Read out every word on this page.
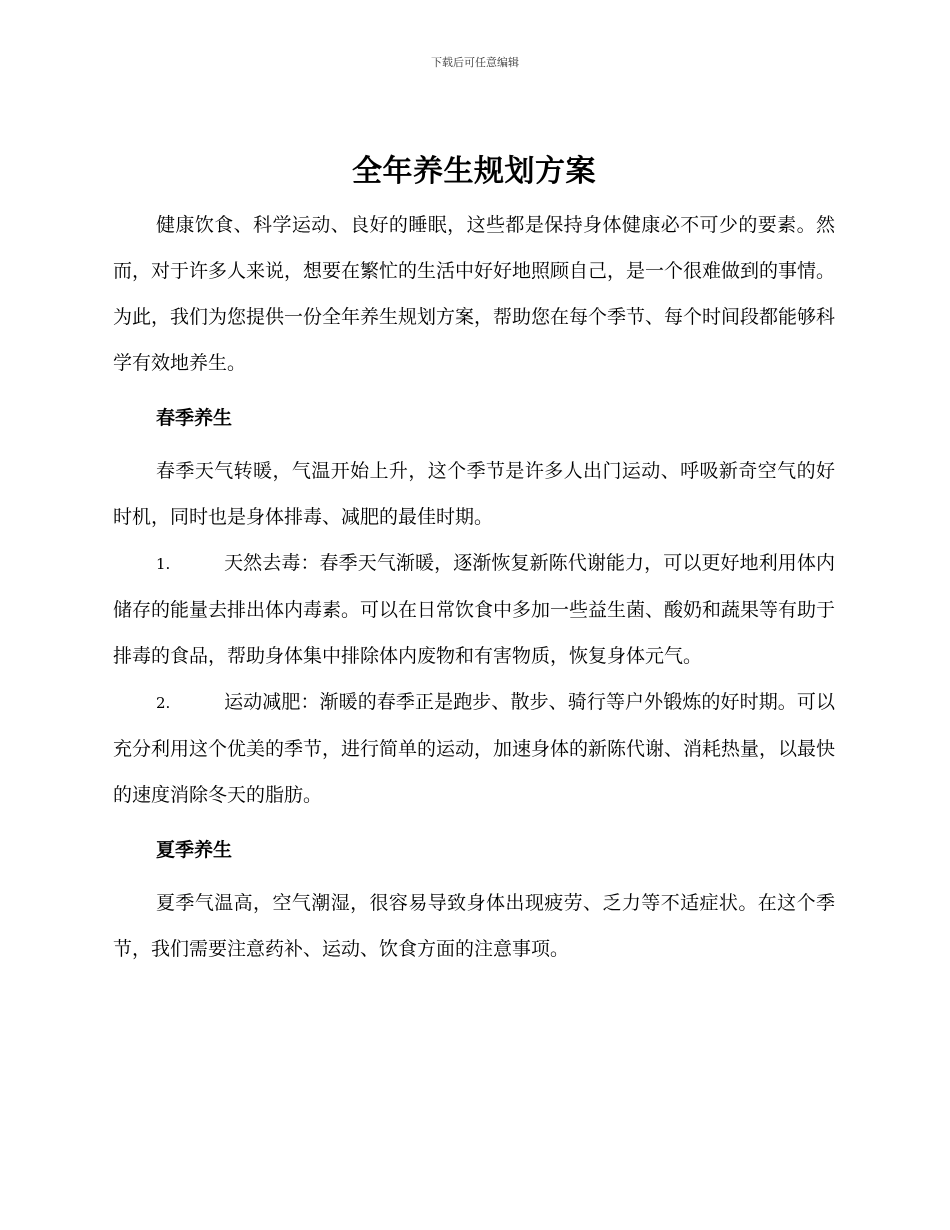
下载后可任意编辑
全年养生规划方案

健康饮食、科学运动、良好的睡眠，这些都是保持身体健康必不可少的要素。然而，对于许多人来说，想要在繁忙的生活中好好地照顾自己，是一个很难做到的事情。为此，我们为您提供一份全年养生规划方案，帮助您在每个季节、每个时间段都能够科学有效地养生。

春季养生

春季天气转暖，气温开始上升，这个季节是许多人出门运动、呼吸新奇空气的好时机，同时也是身体排毒、减肥的最佳时期。

1.	天然去毒：春季天气渐暖，逐渐恢复新陈代谢能力，可以更好地利用体内储存的能量去排出体内毒素。可以在日常饮食中多加一些益生菌、酸奶和蔬果等有助于排毒的食品，帮助身体集中排除体内废物和有害物质，恢复身体元气。

2.	运动减肥：渐暖的春季正是跑步、散步、骑行等户外锻炼的好时期。可以充分利用这个优美的季节，进行简单的运动，加速身体的新陈代谢、消耗热量，以最快的速度消除冬天的脂肪。

夏季养生

夏季气温高，空气潮湿，很容易导致身体出现疲劳、乏力等不适症状。在这个季节，我们需要注意药补、运动、饮食方面的注意事项。
